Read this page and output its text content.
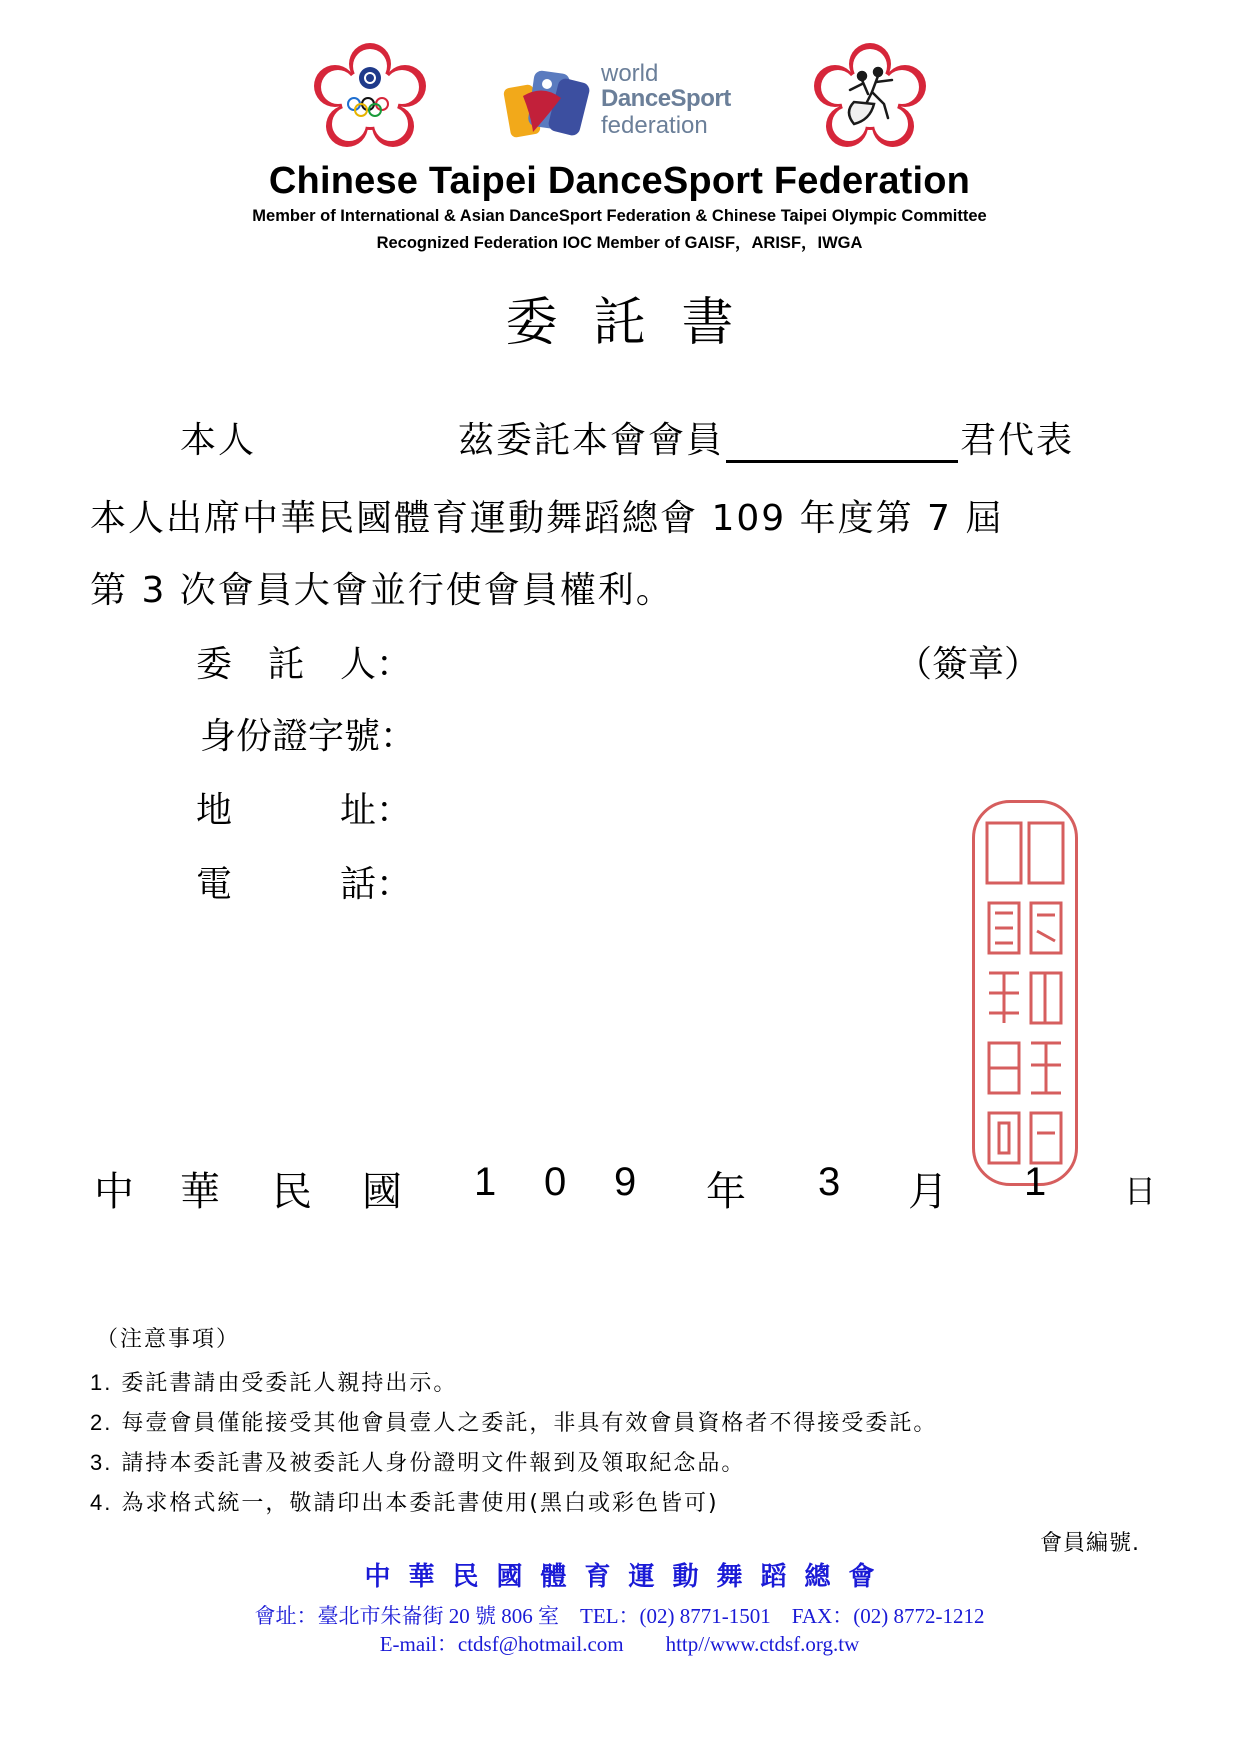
world
DanceSport
federation
Chinese Taipei DanceSport Federation
Member of International & Asian DanceSport Federation & Chinese Taipei Olympic Committee
Recognized Federation IOC Member of GAISF，ARISF，IWGA
委託書
本人	茲委託本會會員	君代表
本人出席中華民國體育運動舞蹈總會 109 年度第 7 屆
第 3 次會員大會並行使會員權利。
委　託　人：	（簽章）
身份證字號：
地　　　址：
電　　　話：
中 華 民 國 1 0 9 年 3 月 1 日
（注意事項）
1. 委託書請由受委託人親持出示。
2. 每壹會員僅能接受其他會員壹人之委託，非具有效會員資格者不得接受委託。
3. 請持本委託書及被委託人身份證明文件報到及領取紀念品。
4. 為求格式統一，敬請印出本委託書使用(黑白或彩色皆可)
會員編號.
中華民國體育運動舞蹈總會
會址：臺北市朱崙街 20 號 806 室　TEL：(02) 8771-1501　FAX：(02) 8772-1212
E-mail：ctdsf@hotmail.com　　http//www.ctdsf.org.tw
